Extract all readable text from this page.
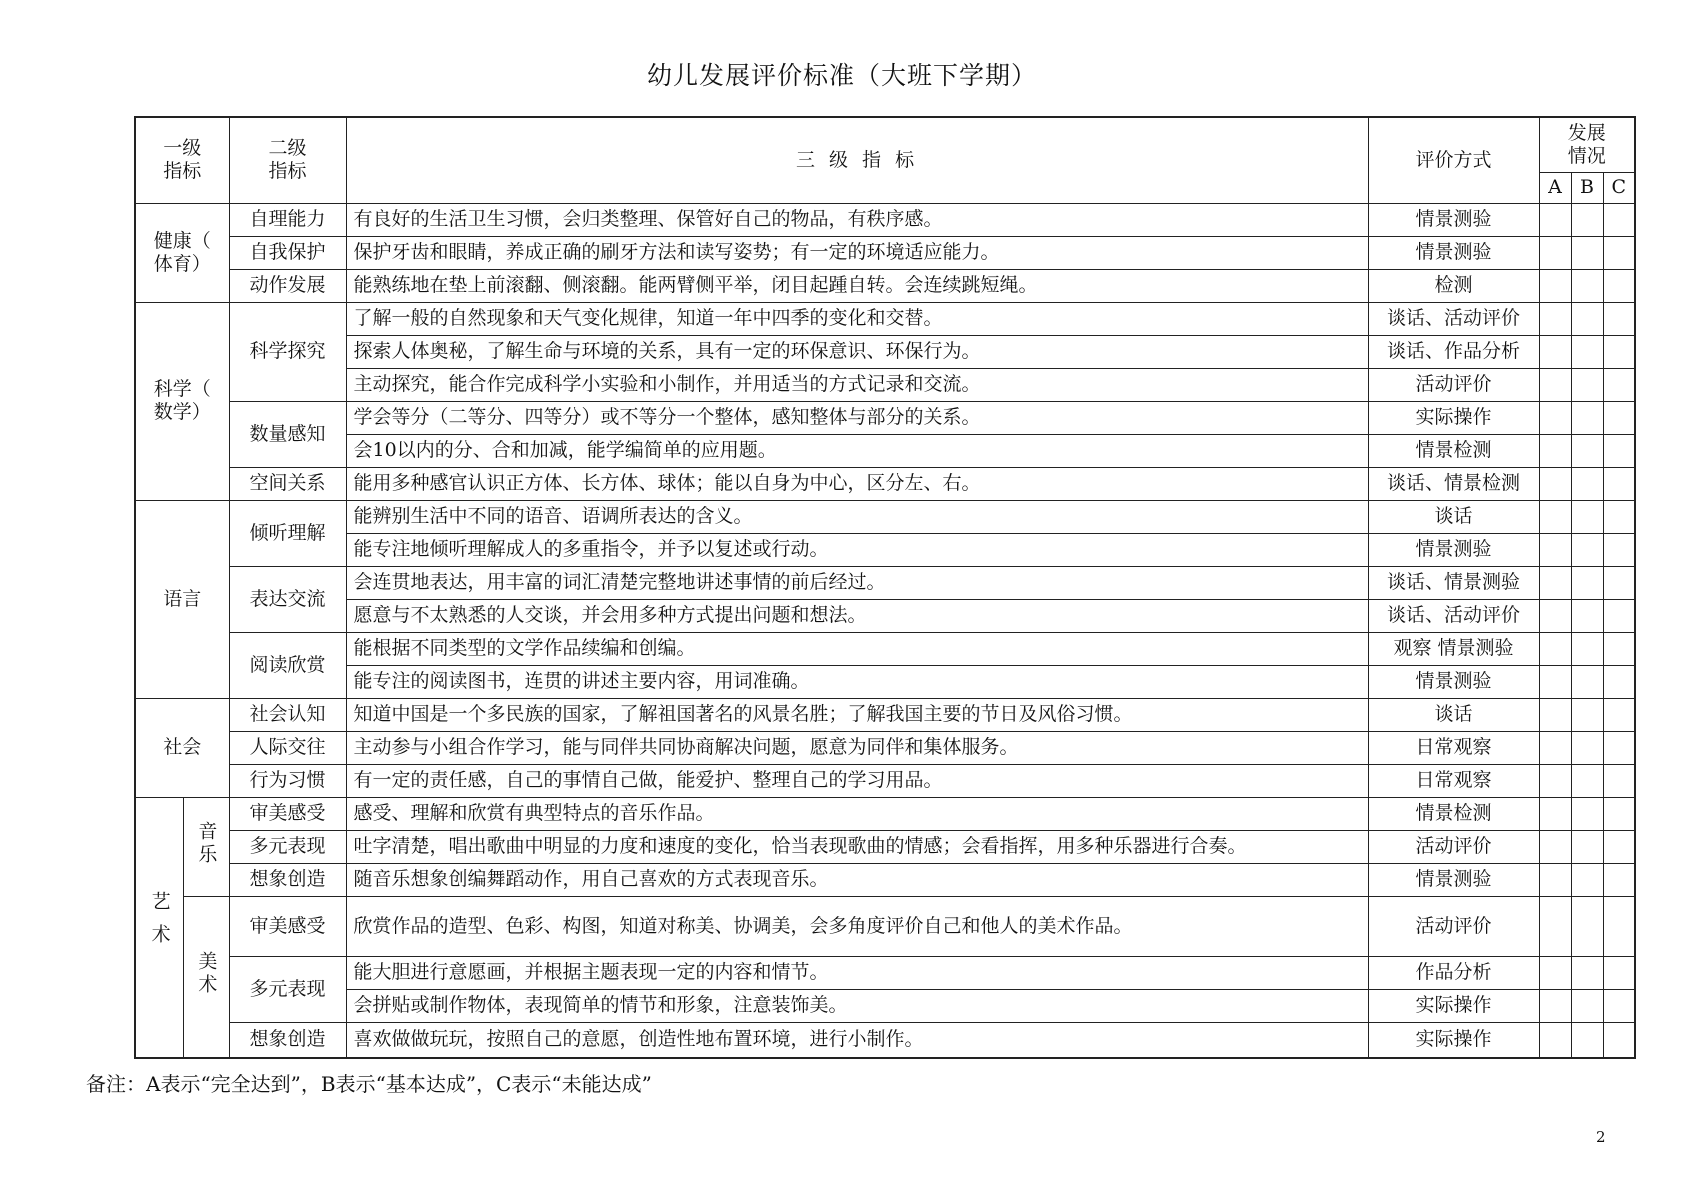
幼儿发展评价标准（大班下学期）
一级
指标		二级
指标	三 级 指 标	评价方式	发展
情况		
					A	B	C
健康（
体育）		自理能力	有良好的生活卫生习惯，会归类整理、保管好自己的物品，有秩序感。	情景测验			
		自我保护	保护牙齿和眼睛，养成正确的刷牙方法和读写姿势；有一定的环境适应能力。	情景测验			
		动作发展	能熟练地在垫上前滚翻、侧滚翻。能两臂侧平举，闭目起踵自转。会连续跳短绳。	检测			
科学（
数学）		科学探究	了解一般的自然现象和天气变化规律，知道一年中四季的变化和交替。	谈话、活动评价			
			探索人体奥秘，了解生命与环境的关系，具有一定的环保意识、环保行为。	谈话、作品分析			
			主动探究，能合作完成科学小实验和小制作，并用适当的方式记录和交流。	活动评价			
		数量感知	学会等分（二等分、四等分）或不等分一个整体，感知整体与部分的关系。	实际操作			
			会10以内的分、合和加减，能学编简单的应用题。	情景检测			
		空间关系	能用多种感官认识正方体、长方体、球体；能以自身为中心，区分左、右。	谈话、情景检测			
语言		倾听理解	能辨别生活中不同的语音、语调所表达的含义。	谈话			
			能专注地倾听理解成人的多重指令，并予以复述或行动。	情景测验			
		表达交流	会连贯地表达，用丰富的词汇清楚完整地讲述事情的前后经过。	谈话、情景测验			
			愿意与不太熟悉的人交谈，并会用多种方式提出问题和想法。	谈话、活动评价			
		阅读欣赏	能根据不同类型的文学作品续编和创编。	观察 情景测验			
			能专注的阅读图书，连贯的讲述主要内容，用词准确。	情景测验			
社会		社会认知	知道中国是一个多民族的国家，了解祖国著名的风景名胜；了解我国主要的节日及风俗习惯。	谈话			
		人际交往	主动参与小组合作学习，能与同伴共同协商解决问题，愿意为同伴和集体服务。	日常观察			
		行为习惯	有一定的责任感，自己的事情自己做，能爱护、整理自己的学习用品。	日常观察			
艺术	音乐	审美感受	感受、理解和欣赏有典型特点的音乐作品。	情景检测			
		多元表现	吐字清楚，唱出歌曲中明显的力度和速度的变化，恰当表现歌曲的情感；会看指挥，用多种乐器进行合奏。	活动评价			
		想象创造	随音乐想象创编舞蹈动作，用自己喜欢的方式表现音乐。	情景测验			
	美术	审美感受	欣赏作品的造型、色彩、构图，知道对称美、协调美，会多角度评价自己和他人的美术作品。	活动评价			
		多元表现	能大胆进行意愿画，并根据主题表现一定的内容和情节。	作品分析			
			会拼贴或制作物体，表现简单的情节和形象，注意装饰美。	实际操作			
		想象创造	喜欢做做玩玩，按照自己的意愿，创造性地布置环境，进行小制作。	实际操作			
备注：A表示“完全达到”，B表示“基本达成”，C表示“未能达成”
2
